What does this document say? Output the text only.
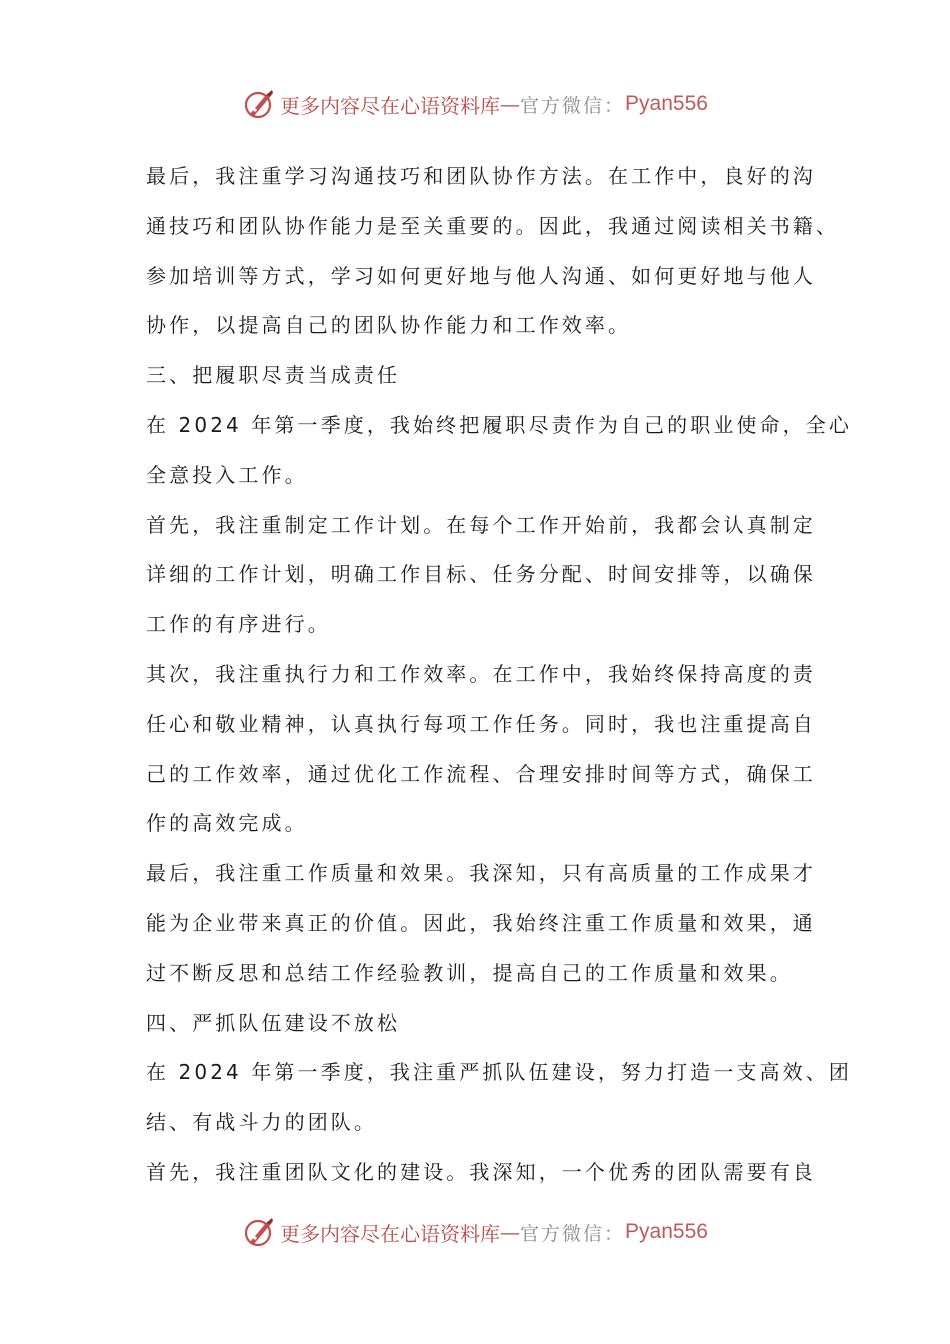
更多内容尽在心语资料库 — 官方微信： Pyan556

最后，我注重学习沟通技巧和团队协作方法。在工作中，良好的沟

通技巧和团队协作能力是至关重要的。因此，我通过阅读相关书籍、

参加培训等方式，学习如何更好地与他人沟通、如何更好地与他人

协作，以提高自己的团队协作能力和工作效率。

三、把履职尽责当成责任

在 2024 年第一季度，我始终把履职尽责作为自己的职业使命，全心

全意投入工作。

首先，我注重制定工作计划。在每个工作开始前，我都会认真制定

详细的工作计划，明确工作目标、任务分配、时间安排等，以确保

工作的有序进行。

其次，我注重执行力和工作效率。在工作中，我始终保持高度的责

任心和敬业精神，认真执行每项工作任务。同时，我也注重提高自

己的工作效率，通过优化工作流程、合理安排时间等方式，确保工

作的高效完成。

最后，我注重工作质量和效果。我深知，只有高质量的工作成果才

能为企业带来真正的价值。因此，我始终注重工作质量和效果，通

过不断反思和总结工作经验教训，提高自己的工作质量和效果。

四、严抓队伍建设不放松

在 2024 年第一季度，我注重严抓队伍建设，努力打造一支高效、团

结、有战斗力的团队。

首先，我注重团队文化的建设。我深知，一个优秀的团队需要有良

更多内容尽在心语资料库 — 官方微信： Pyan556
